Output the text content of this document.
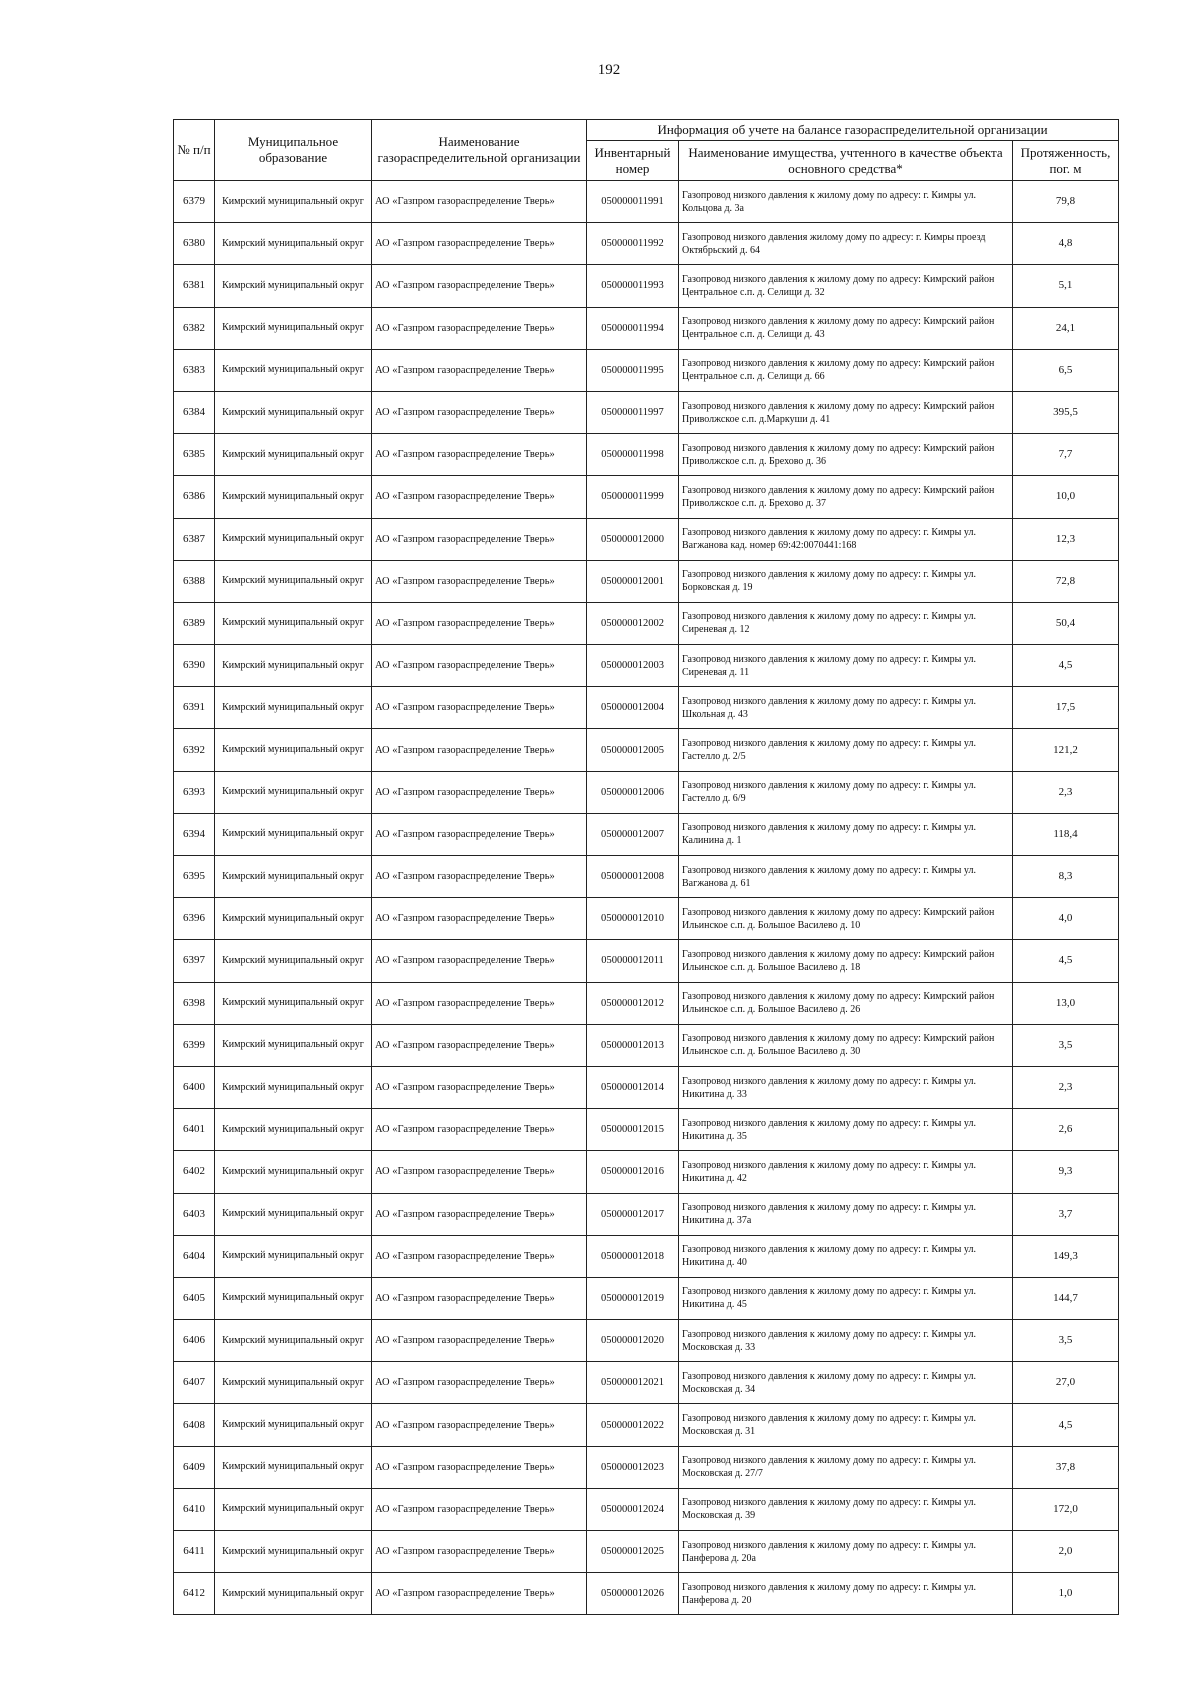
192
№ п/п	Муниципальное образование	Наименование газораспределительной организации	Информация об учете на балансе газораспределительной организации		
			Инвентарный номер	Наименование имущества, учтенного в качестве объекта основного средства*	Протяженность, пог. м
6379	Кимрский муниципальный округ	АО «Газпром газораспределение Тверь»	050000011991	Газопровод низкого давления к жилому дому по адресу: г. Кимры ул. Кольцова д. 3а	79,8
6380	Кимрский муниципальный округ	АО «Газпром газораспределение Тверь»	050000011992	Газопровод низкого давления жилому дому по адресу: г. Кимры проезд Октябрьский д. 64	4,8
6381	Кимрский муниципальный округ	АО «Газпром газораспределение Тверь»	050000011993	Газопровод низкого давления к жилому дому по адресу: Кимрский район Центральное с.п. д. Селищи д. 32	5,1
6382	Кимрский муниципальный округ	АО «Газпром газораспределение Тверь»	050000011994	Газопровод низкого давления к жилому дому по адресу: Кимрский район Центральное с.п. д. Селищи д. 43	24,1
6383	Кимрский муниципальный округ	АО «Газпром газораспределение Тверь»	050000011995	Газопровод низкого давления к жилому дому по адресу: Кимрский район Центральное с.п. д. Селищи д. 66	6,5
6384	Кимрский муниципальный округ	АО «Газпром газораспределение Тверь»	050000011997	Газопровод низкого давления к жилому дому по адресу: Кимрский район Приволжское с.п. д.Маркуши д. 41	395,5
6385	Кимрский муниципальный округ	АО «Газпром газораспределение Тверь»	050000011998	Газопровод низкого давления к жилому дому по адресу: Кимрский район Приволжское с.п. д. Брехово д. 36	7,7
6386	Кимрский муниципальный округ	АО «Газпром газораспределение Тверь»	050000011999	Газопровод низкого давления к жилому дому по адресу: Кимрский район Приволжское с.п. д. Брехово д. 37	10,0
6387	Кимрский муниципальный округ	АО «Газпром газораспределение Тверь»	050000012000	Газопровод низкого давления к жилому дому по адресу: г. Кимры ул. Вагжанова кад. номер 69:42:0070441:168	12,3
6388	Кимрский муниципальный округ	АО «Газпром газораспределение Тверь»	050000012001	Газопровод низкого давления к жилому дому по адресу: г. Кимры ул. Борковская д. 19	72,8
6389	Кимрский муниципальный округ	АО «Газпром газораспределение Тверь»	050000012002	Газопровод низкого давления к жилому дому по адресу: г. Кимры ул. Сиреневая д. 12	50,4
6390	Кимрский муниципальный округ	АО «Газпром газораспределение Тверь»	050000012003	Газопровод низкого давления к жилому дому по адресу: г. Кимры ул. Сиреневая д. 11	4,5
6391	Кимрский муниципальный округ	АО «Газпром газораспределение Тверь»	050000012004	Газопровод низкого давления к жилому дому по адресу: г. Кимры ул. Школьная д. 43	17,5
6392	Кимрский муниципальный округ	АО «Газпром газораспределение Тверь»	050000012005	Газопровод низкого давления к жилому дому по адресу: г. Кимры ул. Гастелло д. 2/5	121,2
6393	Кимрский муниципальный округ	АО «Газпром газораспределение Тверь»	050000012006	Газопровод низкого давления к жилому дому по адресу: г. Кимры ул. Гастелло д. 6/9	2,3
6394	Кимрский муниципальный округ	АО «Газпром газораспределение Тверь»	050000012007	Газопровод низкого давления к жилому дому по адресу: г. Кимры ул. Калинина д. 1	118,4
6395	Кимрский муниципальный округ	АО «Газпром газораспределение Тверь»	050000012008	Газопровод низкого давления к жилому дому по адресу: г. Кимры ул. Вагжанова д. 61	8,3
6396	Кимрский муниципальный округ	АО «Газпром газораспределение Тверь»	050000012010	Газопровод низкого давления к жилому дому по адресу: Кимрский район Ильинское с.п. д. Большое Василево д. 10	4,0
6397	Кимрский муниципальный округ	АО «Газпром газораспределение Тверь»	050000012011	Газопровод низкого давления к жилому дому по адресу: Кимрский район Ильинское с.п. д. Большое Василево д. 18	4,5
6398	Кимрский муниципальный округ	АО «Газпром газораспределение Тверь»	050000012012	Газопровод низкого давления к жилому дому по адресу: Кимрский район Ильинское с.п. д. Большое Василево д. 26	13,0
6399	Кимрский муниципальный округ	АО «Газпром газораспределение Тверь»	050000012013	Газопровод низкого давления к жилому дому по адресу: Кимрский район Ильинское с.п. д. Большое Василево д. 30	3,5
6400	Кимрский муниципальный округ	АО «Газпром газораспределение Тверь»	050000012014	Газопровод низкого давления к жилому дому по адресу: г. Кимры ул. Никитина д. 33	2,3
6401	Кимрский муниципальный округ	АО «Газпром газораспределение Тверь»	050000012015	Газопровод низкого давления к жилому дому по адресу: г. Кимры ул. Никитина д. 35	2,6
6402	Кимрский муниципальный округ	АО «Газпром газораспределение Тверь»	050000012016	Газопровод низкого давления к жилому дому по адресу: г. Кимры ул. Никитина д. 42	9,3
6403	Кимрский муниципальный округ	АО «Газпром газораспределение Тверь»	050000012017	Газопровод низкого давления к жилому дому по адресу: г. Кимры ул. Никитина д. 37а	3,7
6404	Кимрский муниципальный округ	АО «Газпром газораспределение Тверь»	050000012018	Газопровод низкого давления к жилому дому по адресу: г. Кимры ул. Никитина д. 40	149,3
6405	Кимрский муниципальный округ	АО «Газпром газораспределение Тверь»	050000012019	Газопровод низкого давления к жилому дому по адресу: г. Кимры ул. Никитина д. 45	144,7
6406	Кимрский муниципальный округ	АО «Газпром газораспределение Тверь»	050000012020	Газопровод низкого давления к жилому дому по адресу: г. Кимры ул. Московская д. 33	3,5
6407	Кимрский муниципальный округ	АО «Газпром газораспределение Тверь»	050000012021	Газопровод низкого давления к жилому дому по адресу: г. Кимры ул. Московская д. 34	27,0
6408	Кимрский муниципальный округ	АО «Газпром газораспределение Тверь»	050000012022	Газопровод низкого давления к жилому дому по адресу: г. Кимры ул. Московская д. 31	4,5
6409	Кимрский муниципальный округ	АО «Газпром газораспределение Тверь»	050000012023	Газопровод низкого давления к жилому дому по адресу: г. Кимры ул. Московская д. 27/7	37,8
6410	Кимрский муниципальный округ	АО «Газпром газораспределение Тверь»	050000012024	Газопровод низкого давления к жилому дому по адресу: г. Кимры ул. Московская д. 39	172,0
6411	Кимрский муниципальный округ	АО «Газпром газораспределение Тверь»	050000012025	Газопровод низкого давления к жилому дому по адресу: г. Кимры ул. Панферова д. 20а	2,0
6412	Кимрский муниципальный округ	АО «Газпром газораспределение Тверь»	050000012026	Газопровод низкого давления к жилому дому по адресу: г. Кимры ул. Панферова д. 20	1,0
